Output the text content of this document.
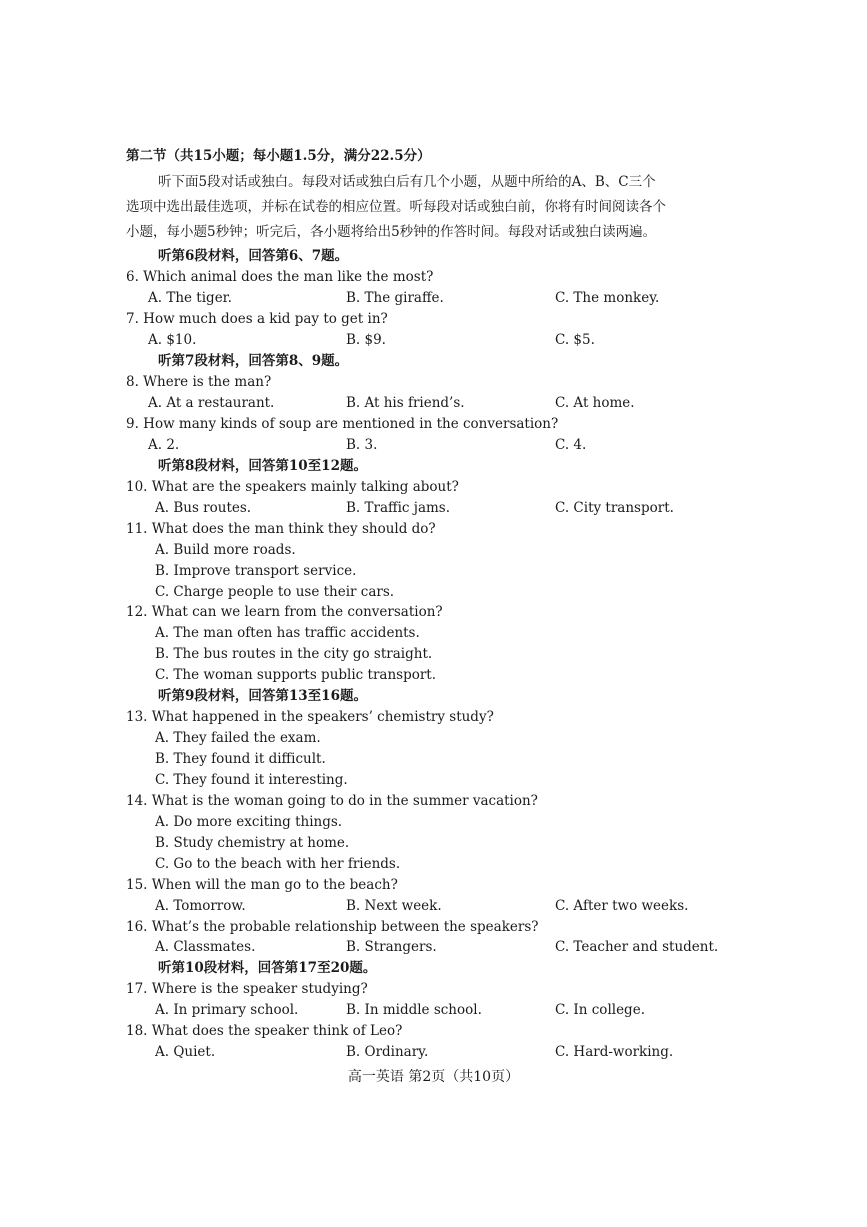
第二节（共15小题；每小题1.5分，满分22.5分）
听下面5段对话或独白。每段对话或独白后有几个小题，从题中所给的A、B、C三个
选项中选出最佳选项，并标在试卷的相应位置。听每段对话或独白前，你将有时间阅读各个
小题，每小题5秒钟；听完后，各小题将给出5秒钟的作答时间。每段对话或独白读两遍。
听第6段材料，回答第6、7题。
6. Which animal does the man like the most?
A. The tiger.	B. The giraffe.	C. The monkey.
7. How much does a kid pay to get in?
A. $10.	B. $9.	C. $5.
听第7段材料，回答第8、9题。
8. Where is the man?
A. At a restaurant.	B. At his friend’s.	C. At home.
9. How many kinds of soup are mentioned in the conversation?
A. 2.	B. 3.	C. 4.
听第8段材料，回答第10至12题。
10. What are the speakers mainly talking about?
A. Bus routes.	B. Traffic jams.	C. City transport.
11. What does the man think they should do?
A. Build more roads.
B. Improve transport service.
C. Charge people to use their cars.
12. What can we learn from the conversation?
A. The man often has traffic accidents.
B. The bus routes in the city go straight.
C. The woman supports public transport.
听第9段材料，回答第13至16题。
13. What happened in the speakers’ chemistry study?
A. They failed the exam.
B. They found it difficult.
C. They found it interesting.
14. What is the woman going to do in the summer vacation?
A. Do more exciting things.
B. Study chemistry at home.
C. Go to the beach with her friends.
15. When will the man go to the beach?
A. Tomorrow.	B. Next week.	C. After two weeks.
16. What’s the probable relationship between the speakers?
A. Classmates.	B. Strangers.	C. Teacher and student.
听第10段材料，回答第17至20题。
17. Where is the speaker studying?
A. In primary school.	B. In middle school.	C. In college.
18. What does the speaker think of Leo?
A. Quiet.	B. Ordinary.	C. Hard-working.
高一英语 第2页（共10页）
